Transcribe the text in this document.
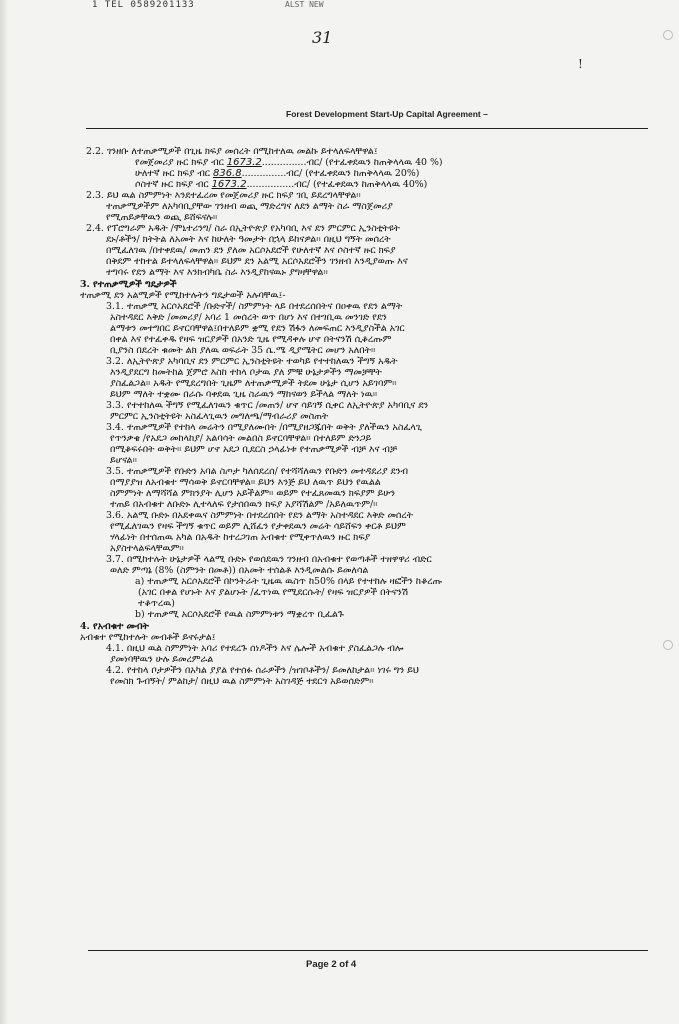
1 TEL 0589201133	ALST NEW
31
!
Forest Development Start-Up Capital Agreement –
2.2. ገንዘቡ ለተጠቃሚዎች በጊዜ ክፍያ መሰረት በሚከተለዉ መልኩ ይተላለፍላቸዋል፤
የመጀመሪያ ዙር ክፍያ ብር 1673.2...............ብር/ (የተፈቀደዉን ከጠቅላላዉ 40 %)
ሁለተኛ ዙር ክፍያ ብር 836.8...............ብር/ (የተፈቀደዉን ከጠቅላላዉ 20%)
ሶስተኛ ዙር ክፍያ ብር 1673.2................ብር/ (የተፈቀደዉን ከጠቅላላዉ 40%)
2.3. ይህ ዉል ስምምነት እንደተፈረመ የመጀመሪያ ዙር ክፍያ ገቢ ይደረግላቸዋል።
ተጠቃሚዎችም ለአካባቢያቸው ገንዘብ ወጪ ማድረግና ለደን ልማት ስራ ማስጀመሪያ
የሚጠይቃቸዉን ወጪ ይሸፍናሉ።
2.4. የፕሮግራም አዱት /ሞኒተሪንግ/ ስራ በኢትዮጵያ የአካባቢ እና ደን ምርምር ኢንስቲትዩት
ደኑ/ቶችን/ ክትትል ለአመት እና ከሁለት ዓመታት በኋላ ይከናዎል። በዚህ ግኝት መሰረት
በሚፈለገዉ /በተቀደዉ/ መጠን ደን ያለመ አርሶአደሮች የሁለተኛ እና ሶስተኛ ዙር ክፍያ
በቅደም ተከተል ይተላለፍላቸዋል። ይህም ደን አልሚ አርሶአደሮችን ገንዘብ እንዲያወጡ እና
ተግባሩ የደን ልማት እና እንክብካቤ ስራ እንዲያከናዉኑ ያግዛቸዋል።
3. የተጠቃሚዎች ግዴታዎች
ተጠቃሚ ደን አልሚዎች የሚከተሉትን ግዴታወች አሉባቸዉ፤-
3.1. ተጠቃሚ አርሶአደሮች /ቡድኖች/ ስምምነት ላይ በተደረሰበትና በዐቀዉ የደን ልማት
አስተዳደር እቅድ /መመሪያ/ አባሪ 1 መሰረት ወጥ በሆነ እና በተገቢዉ መንገድ የደን
ልማቱን መተግበር ይኖርባቸዋል፤በተለይም ቋሚ የደን ሽፋን ለመፍጠር እንዲያስችል አገር
በቀል እና የተፈቀዱ የዛፍ ዝርያዎች በአንድ ጊዜ የሚዳቀሉ ሆኖ በትናንሽ ሲቆረጡም
ቢያንስ በደረት ቁመት ልክ ያለዉ ወፍራት 35 ሴ.ሜ ዲያሜትር መሆን አለበት።
3.2. ለኢትዮጵያ አካባቢና ደን ምርምር ኢንስቲትዩት ተወካይ የተተከለዉን ችግኝ አዱት
እንዲያደርግ ከመትከል ጀምሮ እስከ ተከላ ቦታዉ ያለ ምቹ ሁኔታዎችን ማመቻቸት
ያስፈልጋል። አዱት የሚደረግበት ጊዜም ለተጠቃሚዎች ትደመ ሁኔታ ሲሆን አይገባም።
ይህም ማለት ተቋሙ በራሱ ባቀደዉ ጊዜ ስራዉን ማከናወን ይችላል ማለት ነዉ።
3.3. የተተከለዉ ችግኝ የሚፈለገዉን ቁጥር /መጠን/ ሆኖ ሳይገኝ ሲቀር ለኢትዮጵያ አካባቢና ደን
ምርምር ኢንስቲትዩት አስፈላጊዉን መግለጫ/ማብራሪያ መስጠት
3.4. ተጠቃሚዎች የተከላ መሬትን በሚያለሙበት /በሚያዘጋጁበት ወቅት ያለችዉን አስፈላጊ
የጥንቃቄ /የአደጋ መከላከያ/ አልባሳት መልበስ ይኖርባቸዋል። በተለይም ድንጋይ
በሚቆፍሩበት ወቅት። ይህም ሆኖ አደጋ ቢደርስ ኃላፊነቱ የተጠቃሚዎች ብቻ እና ብቻ
ይሆናል።
3.5. ተጠቃሚዎች የቡድን አባል ስጦታ ካለሰደረሰ/ የተሻሻለዉን የቡድን መተዳደሪያ ደንብ
በማያያዝ ለአብቁተ ማሳወቅ ይኖርባቸዋል። ይህን እንጅ ይህ ለዉጥ ይህን የዉልል
ስምምነት ለማሻሻል ምክንያት ሊሆን አይችልም። ወይም የተፈጸመዉን ክፍያም ይሁን
ተጠይ በአብቁተ ለቡድኑ ሊተላለፍ የታሰበዉን ክፍያ አያሻሽልም /አይለዉጥም/።
3.6. አልሚ ቡድኑ በአደቀዉና ስምምነት በተደረሰበት የደን ልማት አስተዳደር እቅድ መሰረት
የሚፈለገዉን የዛፍ ችግኝ ቁጥር ወይም ሊሸፈን የታቀደዉን መሬት ሳይሸፍን ቀርቶ ይህም
ሃላፊነት በተሰጠዉ አካል በአዱት ከተረጋገጠ አብቁተ የሚቀጥለዉን ዙር ክፍያ
አያስተላልፍላቸዉም።
3.7. በሚከተሉት ሁኔታዎች ላልሚ ቡድኑ የወሰደዉን ገንዘብ በአብቁተ የወጣቶች ተዘዋዋሪ ብድር
ወለድ ምጣኔ (8% (ስምንት በመቶ)) በአመት ተሰልቶ እንዲመልሱ ይመለሳል
a) ተጠቃሚ አርሶአደሮች በኮንትራት ጊዜዉ ዉስጥ ከ50% በላይ የተተከሉ ዛፎችን ከቆረጡ
(አገር በቀል የሆኑት እና ያልሆኑት /ፈጥነዉ የሚደርሱት/ የዛፍ ዝርያዎች በትናንሽ
ተቆጥረዉ)
b) ተጠቃሚ አርሶአደሮች የዉል ስምምነቱን ማቋረጥ ቢፈልጉ
4. የአብቁተ መብት
አብቁተ የሚከተሉት መብቶች ይኖሩታል፤
4.1. በዚህ ዉል ስምምነት አባሪ የተደረጉ ሰነዶችን እና ሌሎች አብቁተ ያስፈልጋሉ ብሎ
ያመነባቸዉን ሁሉ ይመረምራል
4.2. የተከላ ቦታዎችን በአካል ያያል የተሰፉ ሰራዎችን /ዝገቦቶችን/ ይመለከታል። ነገሩ ግን ይህ
የመስክ ጉብኝት/ ምልከታ/ በዚህ ዉል ስምምነት አስገዳጅ ተደርጎ አይወሰድም።
Page 2 of 4
